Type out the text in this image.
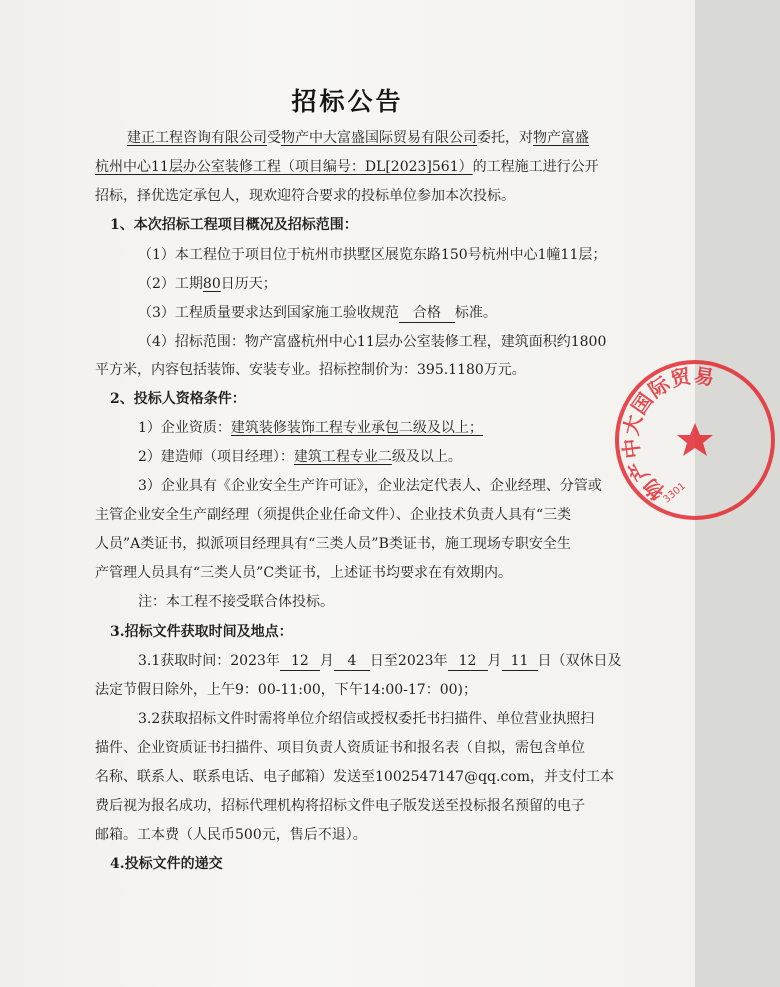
招标公告
建正工程咨询有限公司受物产中大富盛国际贸易有限公司委托，对物产富盛
杭州中心11层办公室装修工程（项目编号：DL[2023]561）的工程施工进行公开
招标，择优选定承包人，现欢迎符合要求的投标单位参加本次投标。
1、本次招标工程项目概况及招标范围：
（1）本工程位于项目位于杭州市拱墅区展览东路150号杭州中心1幢11层；
（2）工期80日历天；
（3）工程质量要求达到国家施工验收规范 合格 标准。
（4）招标范围：物产富盛杭州中心11层办公室装修工程，建筑面积约1800
平方米，内容包括装饰、安装专业。招标控制价为：395.1180万元。
2、投标人资格条件：
1）企业资质：建筑装修装饰工程专业承包二级及以上；
2）建造师（项目经理）：建筑工程专业二级及以上。
3）企业具有《企业安全生产许可证》，企业法定代表人、企业经理、分管或
主管企业安全生产副经理（须提供企业任命文件）、企业技术负责人具有“三类
人员”A类证书，拟派项目经理具有“三类人员”B类证书，施工现场专职安全生
产管理人员具有“三类人员”C类证书，上述证书均要求在有效期内。
注：本工程不接受联合体投标。
3.招标文件获取时间及地点：
3.1获取时间：2023年 12 月 4 日至2023年 12 月 11 日（双休日及
法定节假日除外，上午9：00-11:00，下午14:00-17：00)；
3.2获取招标文件时需将单位介绍信或授权委托书扫描件、单位营业执照扫
描件、企业资质证书扫描件、项目负责人资质证书和报名表（自拟，需包含单位
名称、联系人、联系电话、电子邮箱）发送至1002547147@qq.com，并支付工本
费后视为报名成功，招标代理机构将招标文件电子版发送至投标报名预留的电子
邮箱。工本费（人民币500元，售后不退）。
4.投标文件的递交
物产中大国际贸易
3301
